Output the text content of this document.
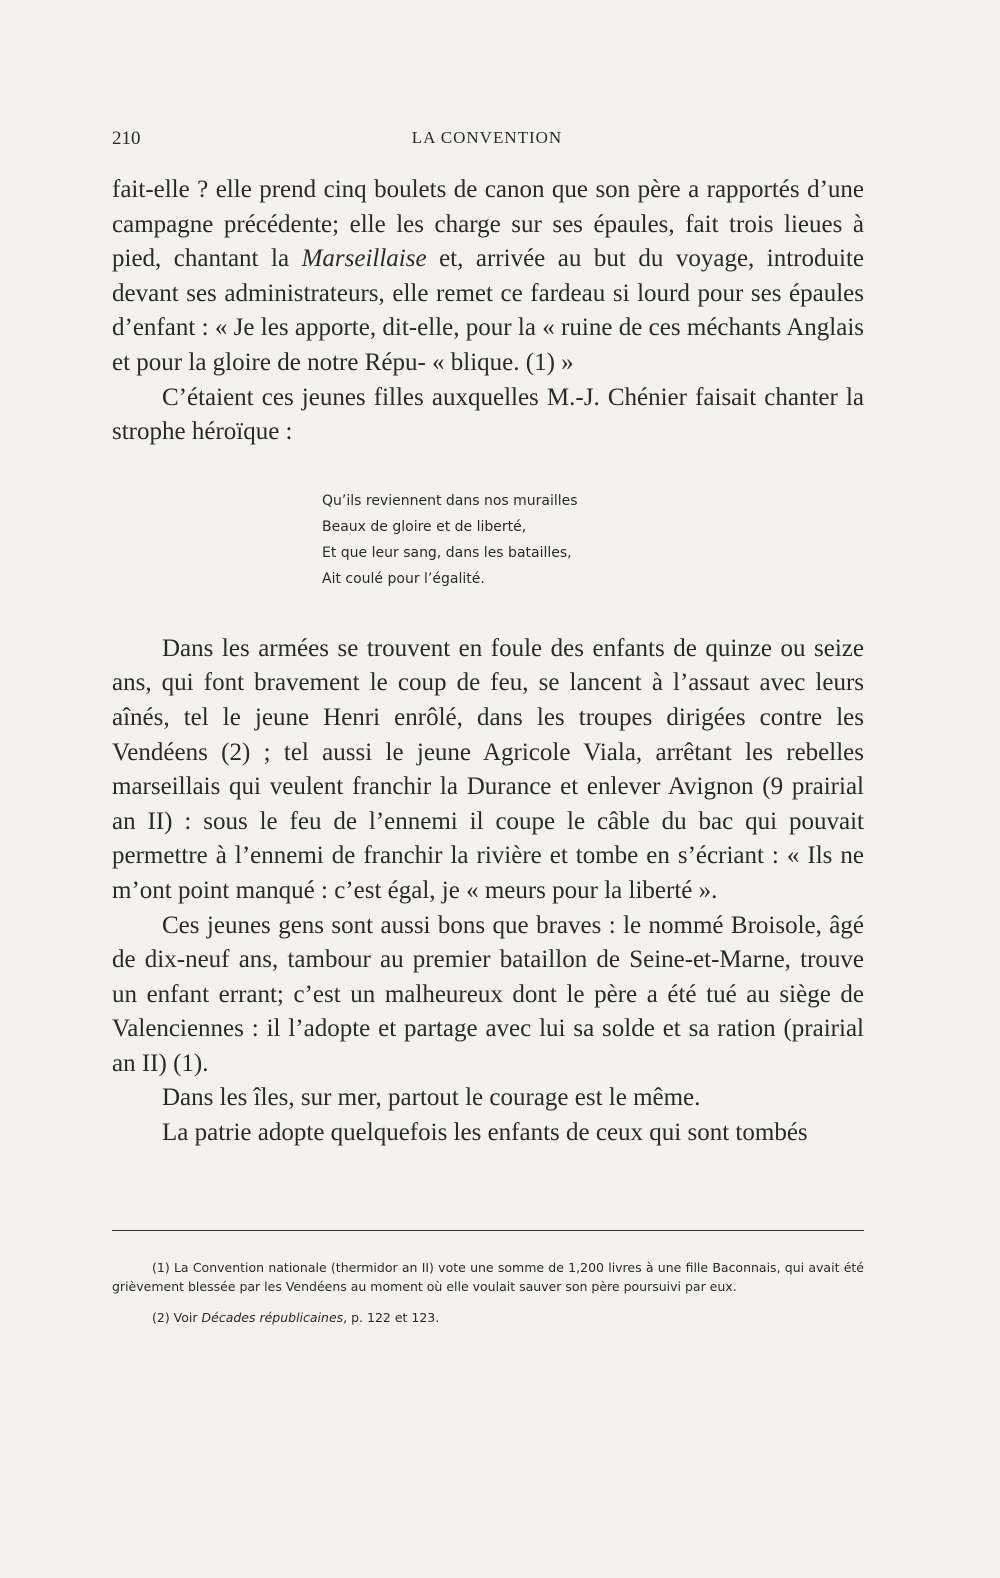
210	LA CONVENTION

fait-elle ? elle prend cinq boulets de canon que son père a rapportés d’une campagne précédente; elle les charge sur ses épaules, fait trois lieues à pied, chantant la Marseillaise et, arrivée au but du voyage, introduite devant ses administrateurs, elle remet ce fardeau si lourd pour ses épaules d’enfant : « Je les apporte, dit-elle, pour la « ruine de ces méchants Anglais et pour la gloire de notre Répu- « blique. (1) »

C’étaient ces jeunes filles auxquelles M.-J. Chénier faisait chanter la strophe héroïque :

Qu’ils reviennent dans nos murailles
Beaux de gloire et de liberté,
Et que leur sang, dans les batailles,
Ait coulé pour l’égalité.

Dans les armées se trouvent en foule des enfants de quinze ou seize ans, qui font bravement le coup de feu, se lancent à l’assaut avec leurs aînés, tel le jeune Henri enrôlé, dans les troupes dirigées contre les Vendéens (2) ; tel aussi le jeune Agricole Viala, arrêtant les rebelles marseillais qui veulent franchir la Durance et enlever Avignon (9 prairial an II) : sous le feu de l’ennemi il coupe le câble du bac qui pouvait permettre à l’ennemi de franchir la rivière et tombe en s’écriant : « Ils ne m’ont point manqué : c’est égal, je « meurs pour la liberté ».

Ces jeunes gens sont aussi bons que braves : le nommé Broisole, âgé de dix-neuf ans, tambour au premier bataillon de Seine-et-Marne, trouve un enfant errant; c’est un malheureux dont le père a été tué au siège de Valenciennes : il l’adopte et partage avec lui sa solde et sa ration (prairial an II) (1).

Dans les îles, sur mer, partout le courage est le même.

La patrie adopte quelquefois les enfants de ceux qui sont tombés

(1) La Convention nationale (thermidor an II) vote une somme de 1,200 livres à une fille Baconnais, qui avait été grièvement blessée par les Vendéens au moment où elle voulait sauver son père poursuivi par eux.

(2) Voir Décades républicaines, p. 122 et 123.
